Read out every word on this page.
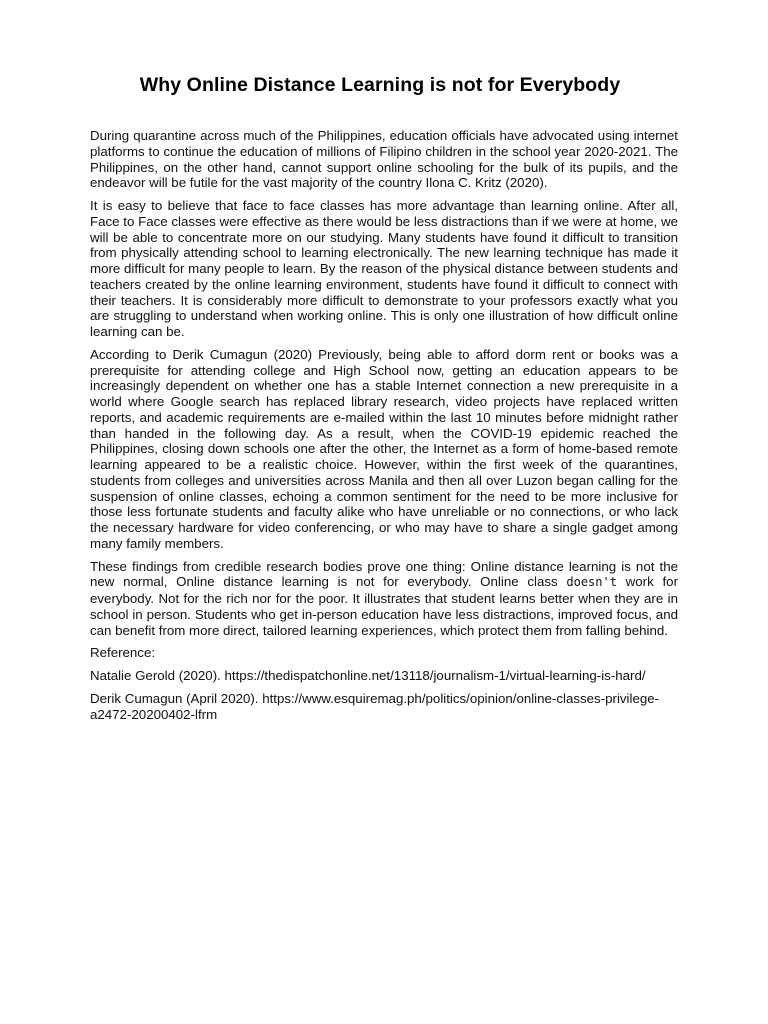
Why Online Distance Learning is not for Everybody

During quarantine across much of the Philippines, education officials have advocated using internet platforms to continue the education of millions of Filipino children in the school year 2020-2021. The Philippines, on the other hand, cannot support online schooling for the bulk of its pupils, and the endeavor will be futile for the vast majority of the country Ilona C. Kritz (2020).

It is easy to believe that face to face classes has more advantage than learning online. After all, Face to Face classes were effective as there would be less distractions than if we were at home, we will be able to concentrate more on our studying. Many students have found it difficult to transition from physically attending school to learning electronically. The new learning technique has made it more difficult for many people to learn. By the reason of the physical distance between students and teachers created by the online learning environment, students have found it difficult to connect with their teachers. It is considerably more difficult to demonstrate to your professors exactly what you are struggling to understand when working online. This is only one illustration of how difficult online learning can be.

According to Derik Cumagun (2020) Previously, being able to afford dorm rent or books was a prerequisite for attending college and High School now, getting an education appears to be increasingly dependent on whether one has a stable Internet connection a new prerequisite in a world where Google search has replaced library research, video projects have replaced written reports, and academic requirements are e-mailed within the last 10 minutes before midnight rather than handed in the following day. As a result, when the COVID-19 epidemic reached the Philippines, closing down schools one after the other, the Internet as a form of home-based remote learning appeared to be a realistic choice. However, within the first week of the quarantines, students from colleges and universities across Manila and then all over Luzon began calling for the suspension of online classes, echoing a common sentiment for the need to be more inclusive for those less fortunate students and faculty alike who have unreliable or no connections, or who lack the necessary hardware for video conferencing, or who may have to share a single gadget among many family members.

These findings from credible research bodies prove one thing: Online distance learning is not the new normal, Online distance learning is not for everybody. Online class doesn't work for everybody. Not for the rich nor for the poor. It illustrates that student learns better when they are in school in person. Students who get in-person education have less distractions, improved focus, and can benefit from more direct, tailored learning experiences, which protect them from falling behind.

Reference:

Natalie Gerold (2020). https://thedispatchonline.net/13118/journalism-1/virtual-learning-is-hard/

Derik Cumagun (April 2020). https://www.esquiremag.ph/politics/opinion/online-classes-privilege-a2472-20200402-lfrm
